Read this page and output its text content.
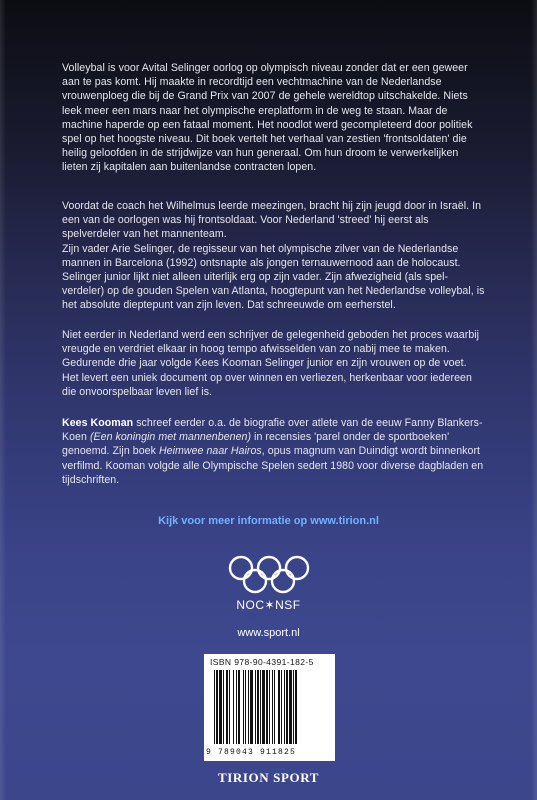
Volleybal is voor Avital Selinger oorlog op olympisch niveau zonder dat er een geweer aan te pas komt. Hij maakte in recordtijd een vechtmachine van de Nederlandse vrouwenploeg die bij de Grand Prix van 2007 de gehele wereldtop uitschakelde. Niets leek meer een mars naar het olympische ereplatform in de weg te staan. Maar de machine haperde op een fataal moment. Het noodlot werd gecompleteerd door politiek spel op het hoogste niveau. Dit boek vertelt het verhaal van zestien 'frontsoldaten' die heilig geloofden in de strijdwijze van hun generaal. Om hun droom te verwerkelijken lieten zij kapitalen aan buitenlandse contracten lopen.

Voordat de coach het Wilhelmus leerde meezingen, bracht hij zijn jeugd door in Israël. In een van de oorlogen was hij frontsoldaat. Voor Nederland 'streed' hij eerst als spelverdeler van het mannenteam.

Zijn vader Arie Selinger, de regisseur van het olympische zilver van de Nederlandse mannen in Barcelona (1992) ontsnapte als jongen ternauwernood aan de holocaust. Selinger junior lijkt niet alleen uiterlijk erg op zijn vader. Zijn afwezigheid (als spelverdeler) op de gouden Spelen van Atlanta, hoogtepunt van het Nederlandse volleybal, is het absolute dieptepunt van zijn leven. Dat schreeuwde om eerherstel.

Niet eerder in Nederland werd een schrijver de gelegenheid geboden het proces waarbij vreugde en verdriet elkaar in hoog tempo afwisselden van zo nabij mee te maken. Gedurende drie jaar volgde Kees Kooman Selinger junior en zijn vrouwen op de voet. Het levert een uniek document op over winnen en verliezen, herkenbaar voor iedereen die onvoorspelbaar leven lief is.

Kees Kooman schreef eerder o.a. de biografie over atlete van de eeuw Fanny Blankers-Koen (Een koningin met mannenbenen) in recensies 'parel onder de sportboeken' genoemd. Zijn boek Heimwee naar Hairos, opus magnum van Duindigt wordt binnenkort verfilmd. Kooman volgde alle Olympische Spelen sedert 1980 voor diverse dagbladen en tijdschriften.

Kijk voor meer informatie op www.tirion.nl
NOC✶NSF
www.sport.nl
ISBN 978-90-4391-182-5
9 789043 911825
TIRION SPORT
